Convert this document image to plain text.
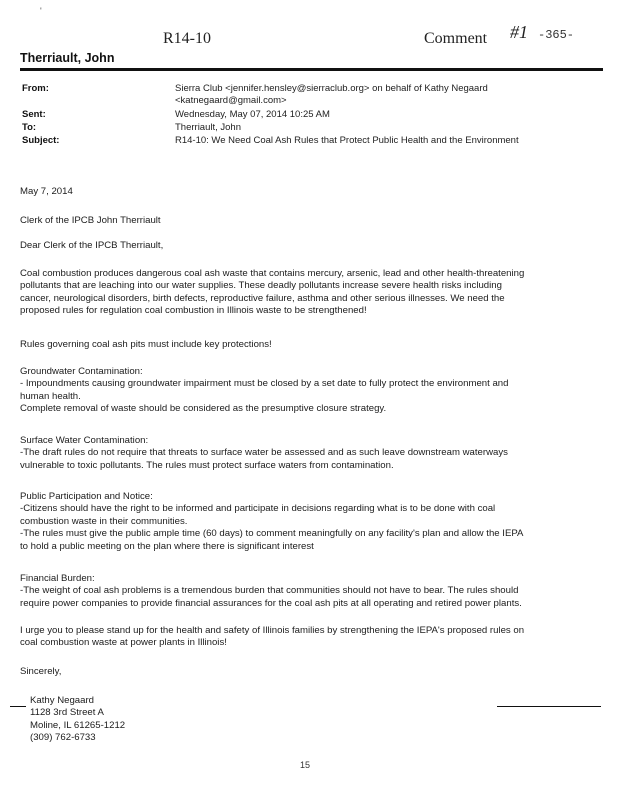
'
R14-10	Comment #1 -365-
Therriault, John
From:	Sierra Club <jennifer.hensley@sierraclub.org> on behalf of Kathy Negaard
<katnegaard@gmail.com>
Sent:	Wednesday, May 07, 2014 10:25 AM
To:	Therriault, John
Subject:	R14-10: We Need Coal Ash Rules that Protect Public Health and the Environment
May 7, 2014
Clerk of the IPCB John Therriault
Dear Clerk of the IPCB Therriault,
Coal combustion produces dangerous coal ash waste that contains mercury, arsenic, lead and other health-threatening
pollutants that are leaching into our water supplies. These deadly pollutants increase severe health risks including
cancer, neurological disorders, birth defects, reproductive failure, asthma and other serious illnesses. We need the
proposed rules for regulation coal combustion in Illinois waste to be strengthened!
Rules governing coal ash pits must include key protections!
Groundwater Contamination:
- Impoundments causing groundwater impairment must be closed by a set date to fully protect the environment and
human health.
Complete removal of waste should be considered as the presumptive closure strategy.
Surface Water Contamination:
-The draft rules do not require that threats to surface water be assessed and as such leave downstream waterways
vulnerable to toxic pollutants. The rules must protect surface waters from contamination.
Public Participation and Notice:
-Citizens should have the right to be informed and participate in decisions regarding what is to be done with coal
combustion waste in their communities.
-The rules must give the public ample time (60 days) to comment meaningfully on any facility's plan and allow the IEPA
to hold a public meeting on the plan where there is significant interest
Financial Burden:
-The weight of coal ash problems is a tremendous burden that communities should not have to bear. The rules should
require power companies to provide financial assurances for the coal ash pits at all operating and retired power plants.
I urge you to please stand up for the health and safety of Illinois families by strengthening the IEPA's proposed rules on
coal combustion waste at power plants in Illinois!
Sincerely,
Kathy Negaard
1128 3rd Street A
Moline, IL 61265-1212
(309) 762-6733
15
